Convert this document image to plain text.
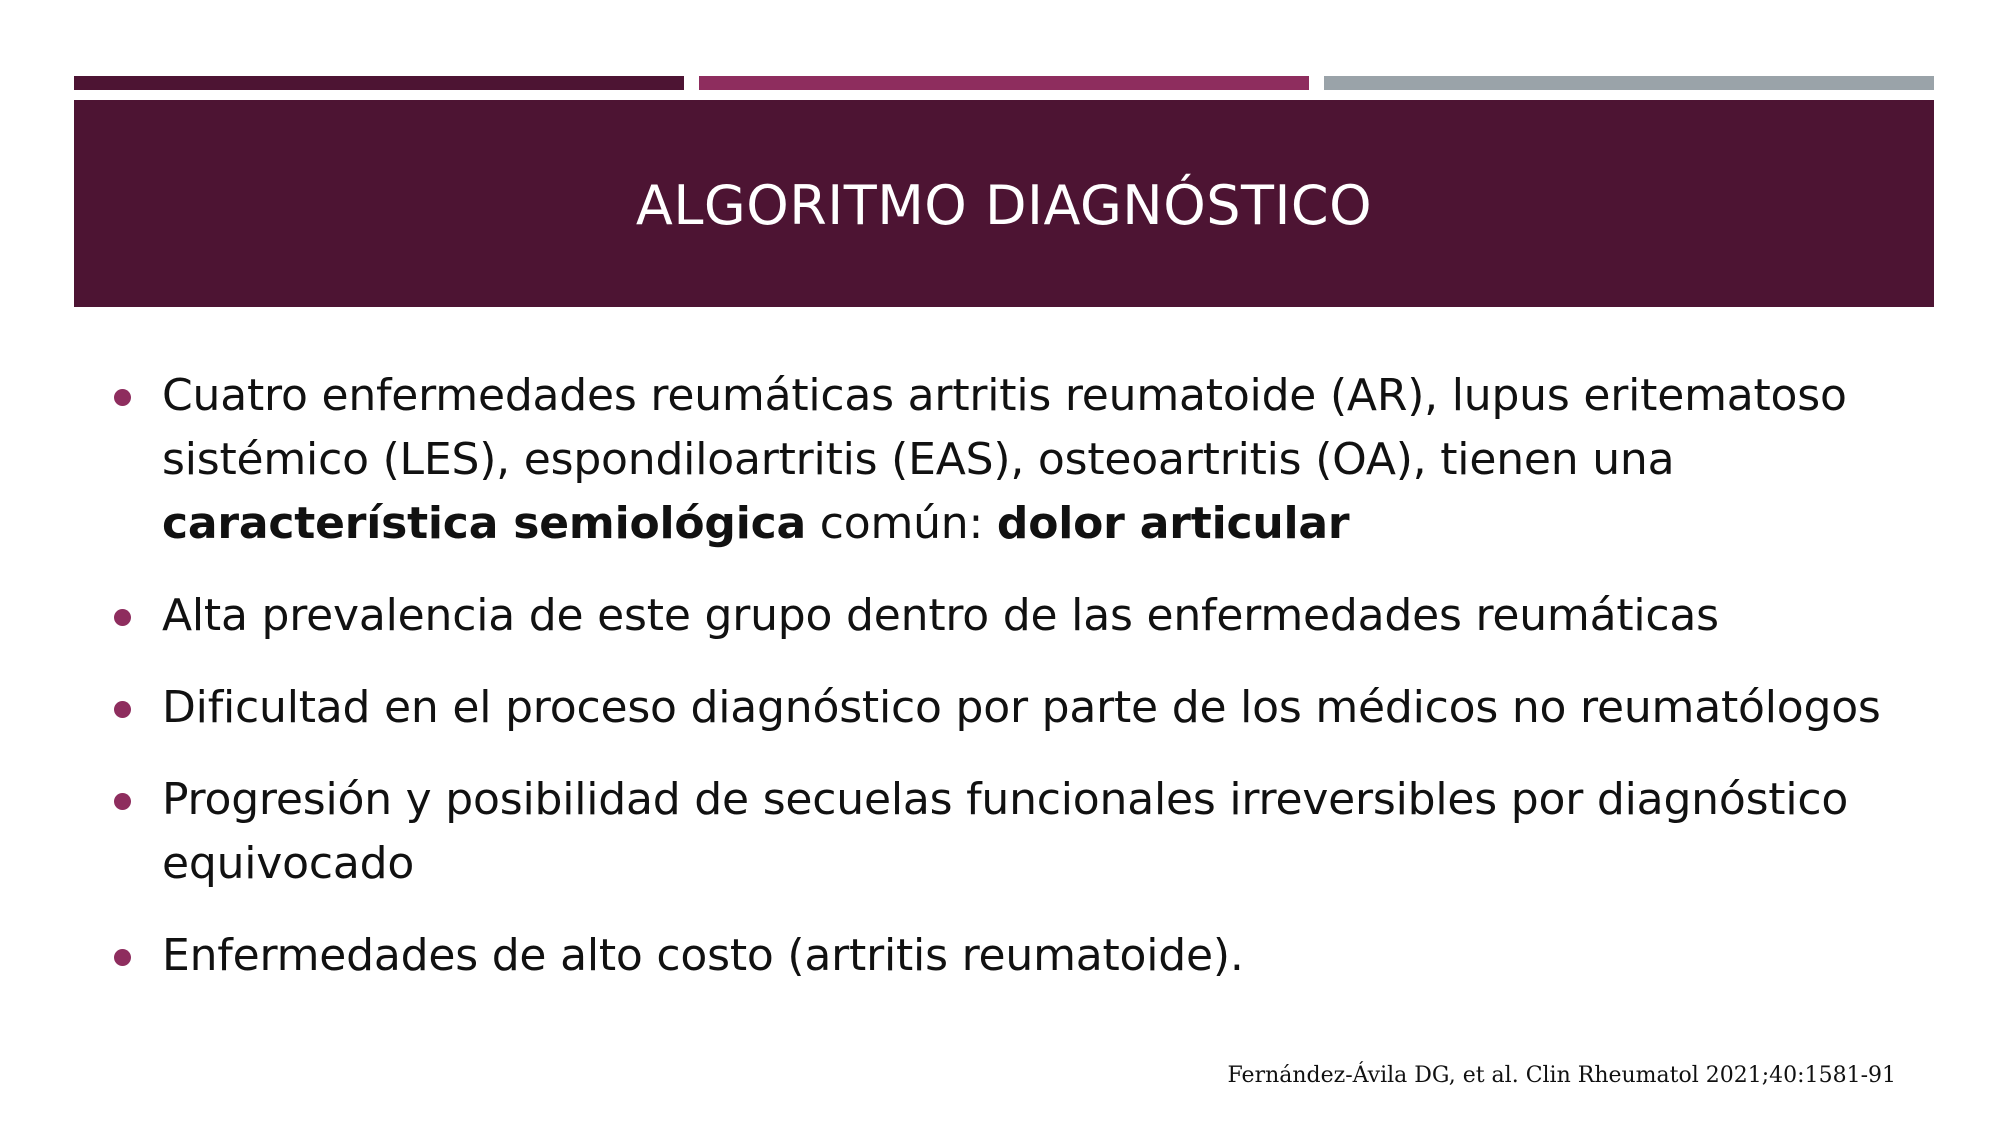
ALGORITMO DIAGNÓSTICO
Cuatro enfermedades reumáticas artritis reumatoide (AR), lupus eritematoso sistémico (LES), espondiloartritis (EAS), osteoartritis (OA), tienen una característica semiológica común: dolor articular
Alta prevalencia de este grupo dentro de las enfermedades reumáticas
Dificultad en el proceso diagnóstico por parte de los médicos no reumatólogos
Progresión y posibilidad de secuelas funcionales irreversibles por diagnóstico equivocado
Enfermedades de alto costo (artritis reumatoide).
Fernández-Ávila DG, et al. Clin Rheumatol 2021;40:1581-91
